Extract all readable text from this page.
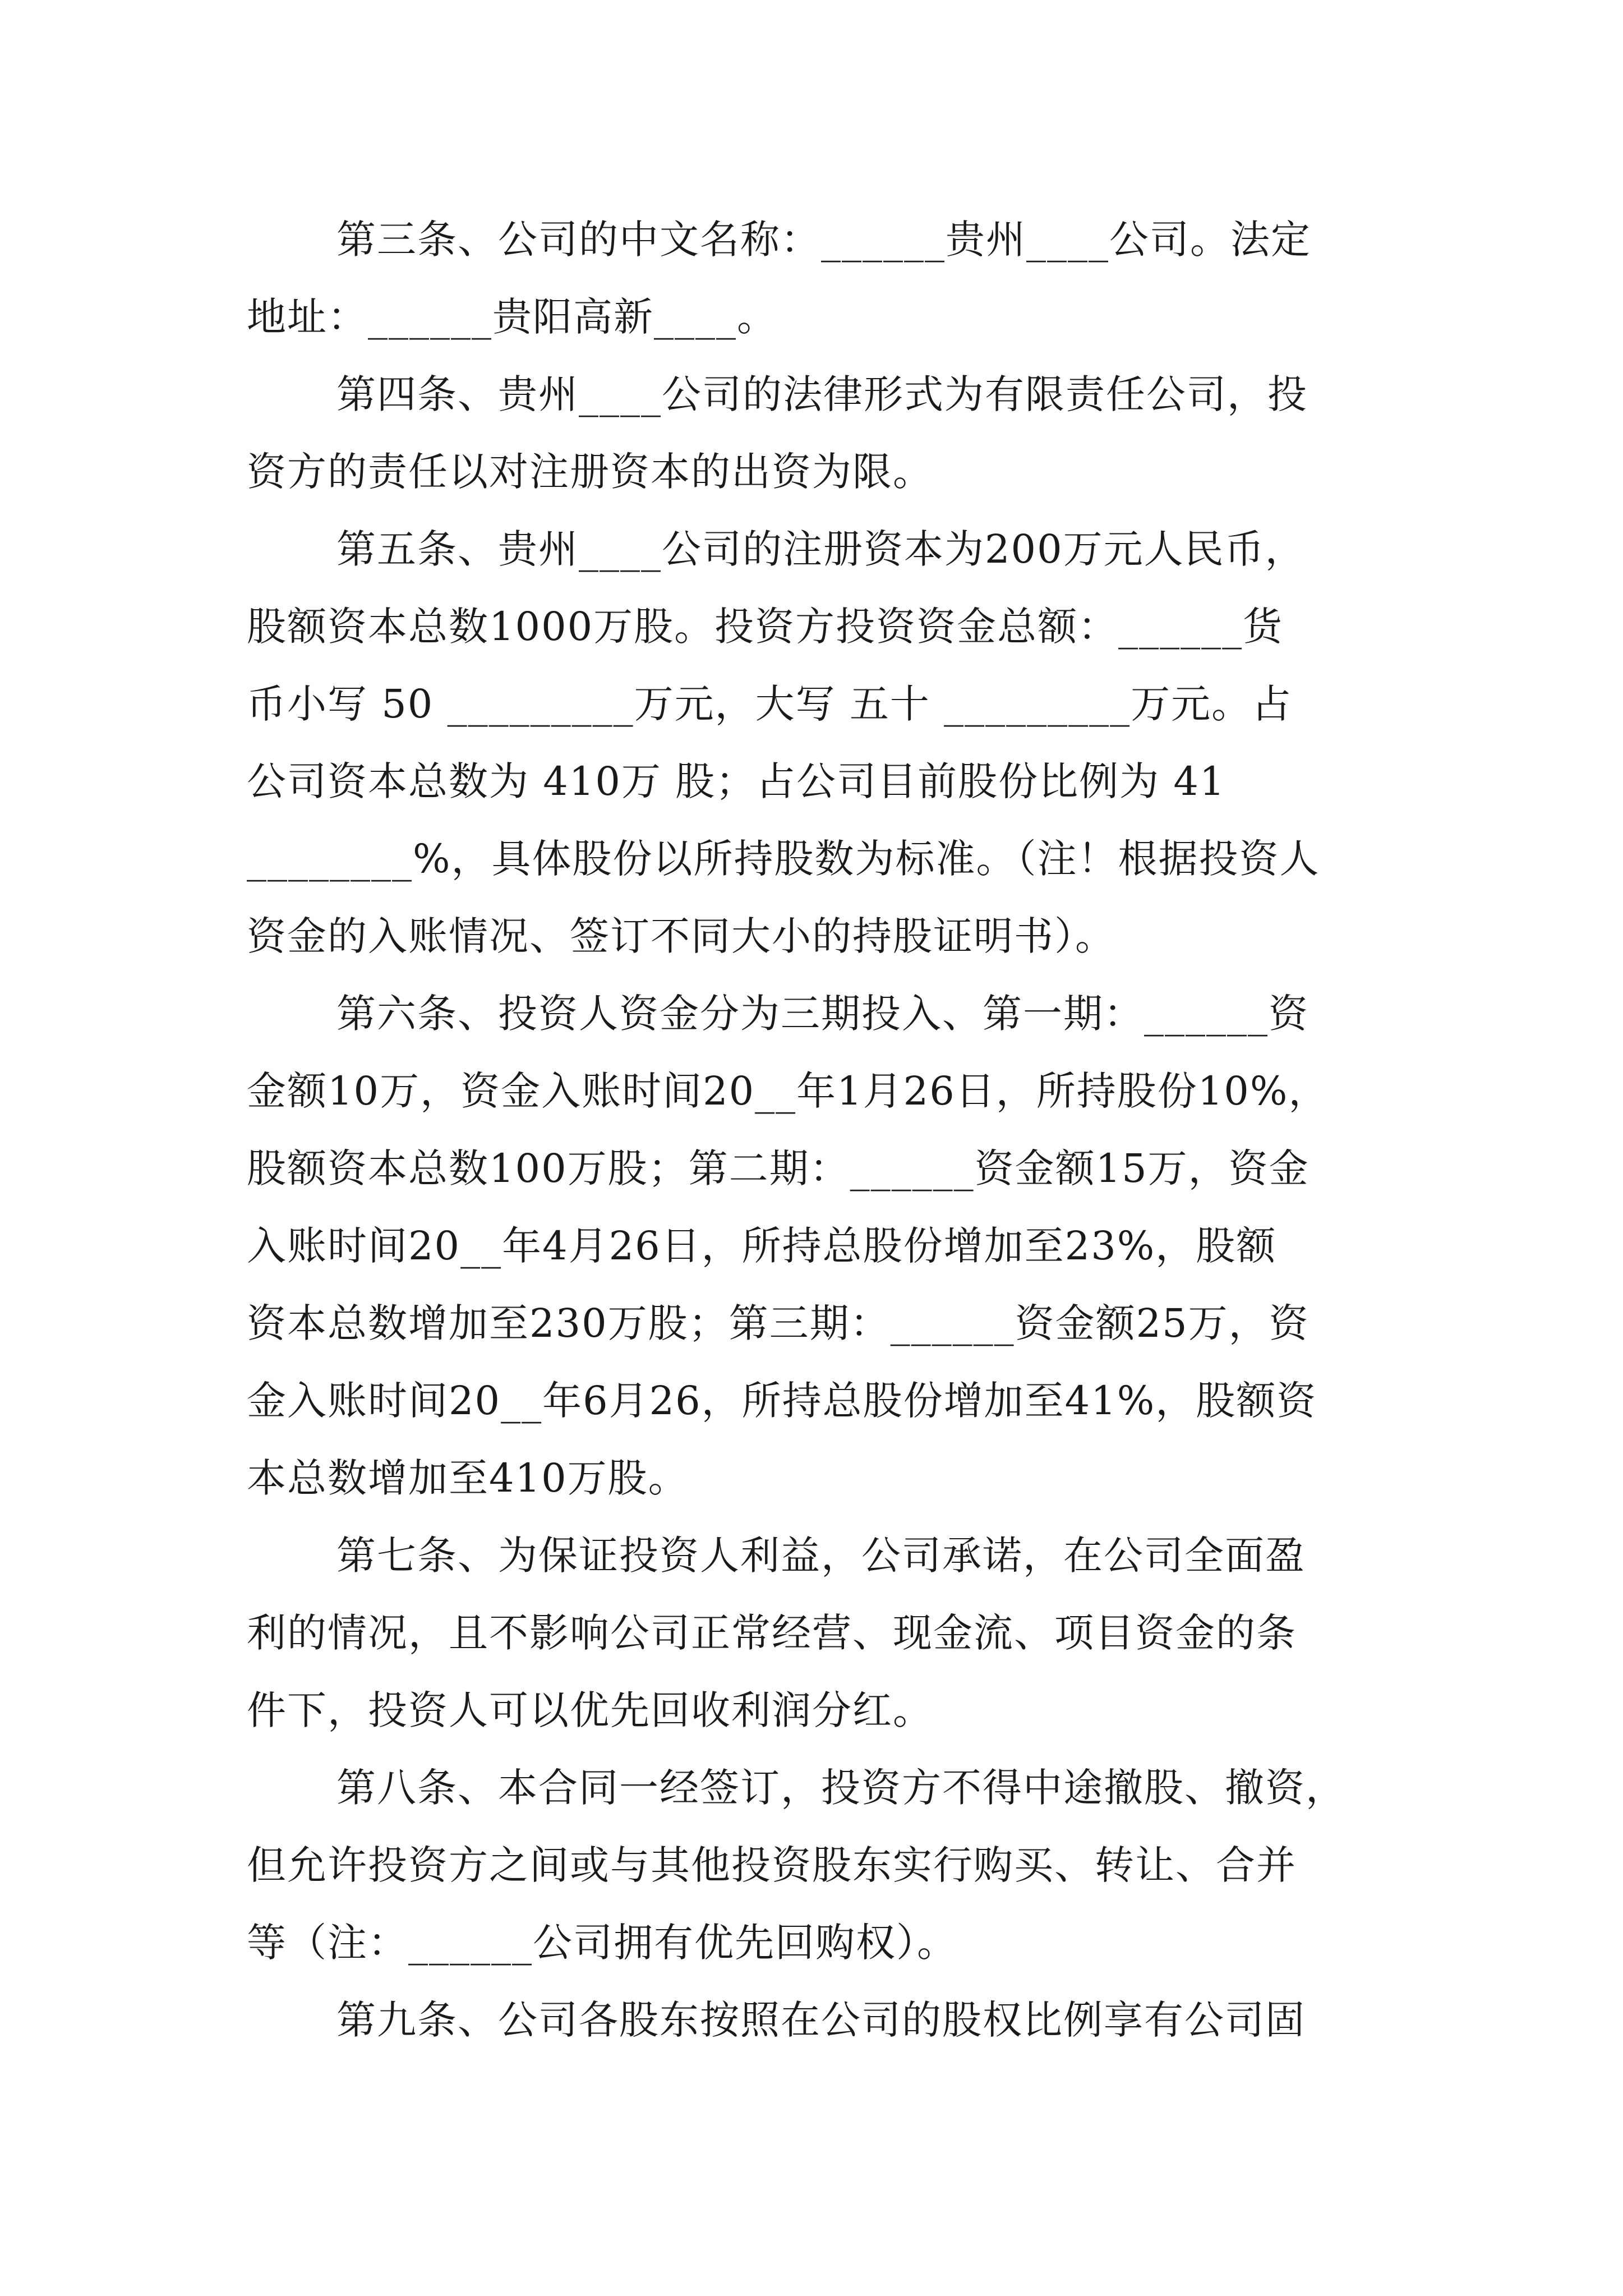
第三条、公司的中文名称：______贵州____公司。法定
地址：______贵阳高新____。
第四条、贵州____公司的法律形式为有限责任公司，投
资方的责任以对注册资本的出资为限。
第五条、贵州____公司的注册资本为200万元人民币，
股额资本总数1000万股。投资方投资资金总额：______货
币小写 50 _________万元，大写 五十 _________万元。占
公司资本总数为 410万 股；占公司目前股份比例为 41
________%，具体股份以所持股数为标准。（注！根据投资人
资金的入账情况、签订不同大小的持股证明书）。
第六条、投资人资金分为三期投入、第一期：______资
金额10万，资金入账时间20__年1月26日，所持股份10%，
股额资本总数100万股；第二期：______资金额15万，资金
入账时间20__年4月26日，所持总股份增加至23%，股额
资本总数增加至230万股；第三期：______资金额25万，资
金入账时间20__年6月26，所持总股份增加至41%，股额资
本总数增加至410万股。
第七条、为保证投资人利益，公司承诺，在公司全面盈
利的情况，且不影响公司正常经营、现金流、项目资金的条
件下，投资人可以优先回收利润分红。
第八条、本合同一经签订，投资方不得中途撤股、撤资，
但允许投资方之间或与其他投资股东实行购买、转让、合并
等（注：______公司拥有优先回购权）。
第九条、公司各股东按照在公司的股权比例享有公司固
